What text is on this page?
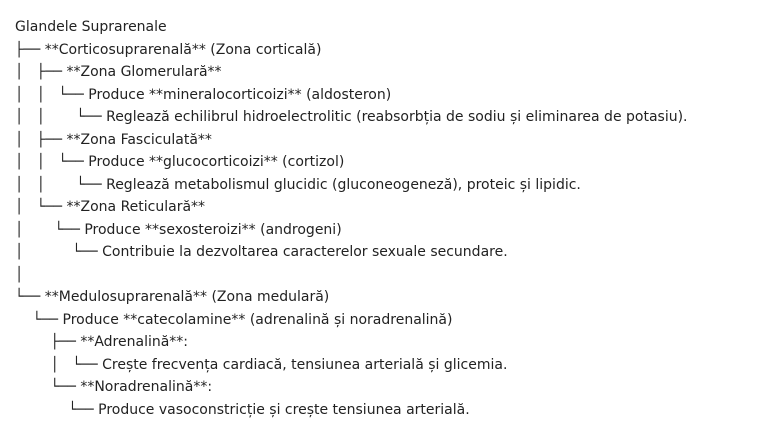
Glandele Suprarenale
├── **Corticosuprarenală** (Zona corticală)
│   ├── **Zona Glomerulară**
│   │   └── Produce **mineralocorticoizi** (aldosteron)
│   │       └── Reglează echilibrul hidroelectrolitic (reabsorbția de sodiu și eliminarea de potasiu).
│   ├── **Zona Fasciculată**
│   │   └── Produce **glucocorticoizi** (cortizol)
│   │       └── Reglează metabolismul glucidic (gluconeogeneză), proteic și lipidic.
│   └── **Zona Reticulară**
│       └── Produce **sexosteroizi** (androgeni)
│           └── Contribuie la dezvoltarea caracterelor sexuale secundare.
│
└── **Medulosuprarenală** (Zona medulară)
└── Produce **catecolamine** (adrenalină și noradrenalină)
├── **Adrenalină**:
│   └── Crește frecvența cardiacă, tensiunea arterială și glicemia.
└── **Noradrenalină**:
└── Produce vasoconstricție și crește tensiunea arterială.
